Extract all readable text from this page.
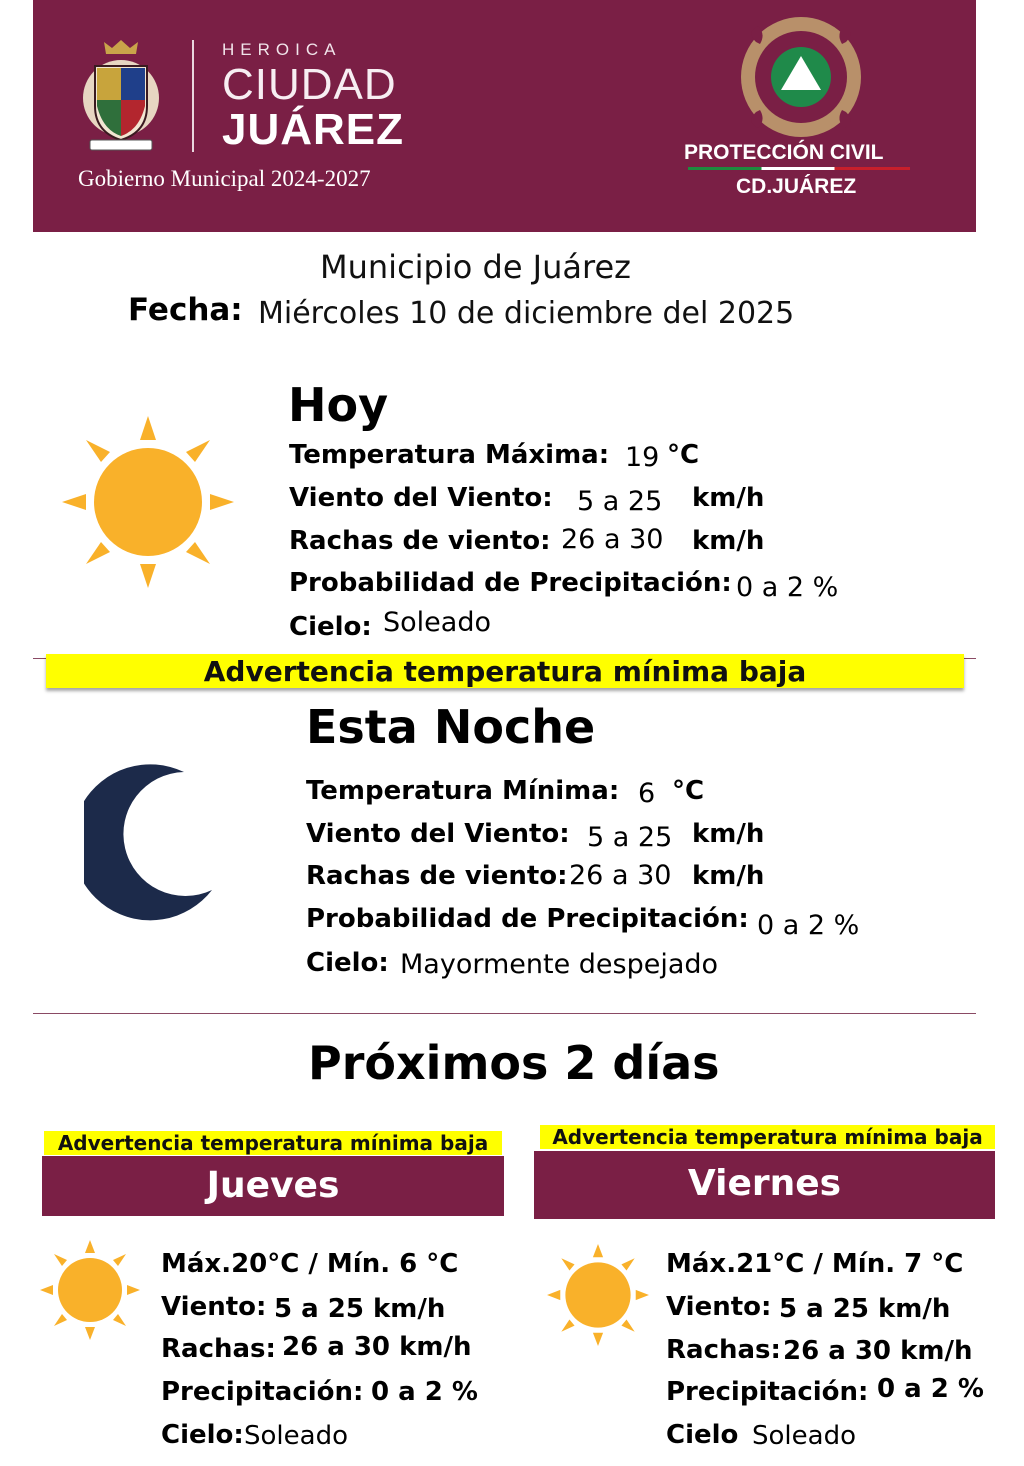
HEROICA
CIUDAD
JUÁREZ
Gobierno Municipal 2024-2027
PROTECCIÓN CIVIL
CD.JUÁREZ
Municipio de Juárez
Fecha: Miércoles 10 de diciembre del 2025
Hoy
Temperatura Máxima: 19 °C
Viento del Viento: 5 a 25 km/h
Rachas de viento: 26 a 30 km/h
Probabilidad de Precipitación: 0 a 2 %
Cielo: Soleado
Advertencia temperatura mínima baja
Esta Noche
Temperatura Mínima: 6 °C
Viento del Viento: 5 a 25 km/h
Rachas de viento: 26 a 30 km/h
Probabilidad de Precipitación: 0 a 2 %
Cielo: Mayormente despejado
Próximos 2 días
Advertencia temperatura mínima baja
Jueves
Máx.20°C / Mín. 6 °C
Viento: 5 a 25 km/h
Rachas: 26 a 30 km/h
Precipitación: 0 a 2 %
Cielo: Soleado
Advertencia temperatura mínima baja
Viernes
Máx.21°C / Mín. 7 °C
Viento: 5 a 25 km/h
Rachas: 26 a 30 km/h
Precipitación: 0 a 2 %
Cielo Soleado
